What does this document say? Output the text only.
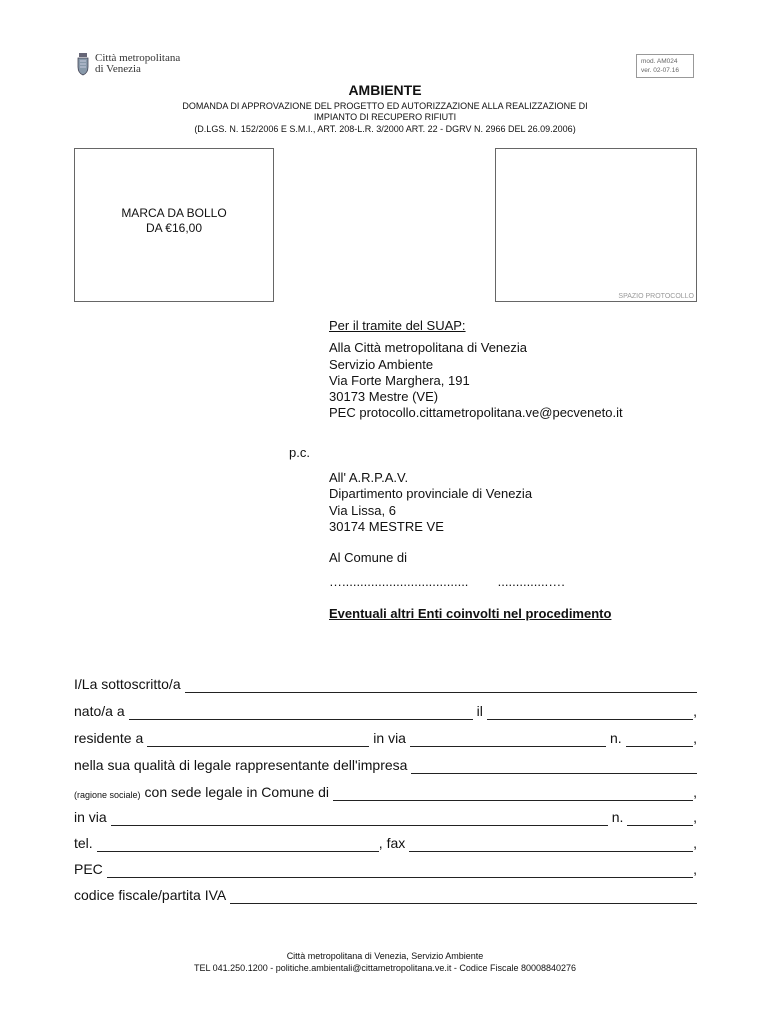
Città metropolitana
di Venezia
mod. AM024
ver. 02-07.16
AMBIENTE
DOMANDA DI APPROVAZIONE DEL PROGETTO ED AUTORIZZAZIONE ALLA REALIZZAZIONE DI
IMPIANTO DI RECUPERO RIFIUTI
(D.LGS. N. 152/2006 E S.M.I., ART. 208-L.R. 3/2000 ART. 22 - DGRV N. 2966 DEL 26.09.2006)
MARCA DA BOLLO
DA €16,00
SPAZIO PROTOCOLLO
Per il tramite del SUAP:
Alla Città metropolitana di Venezia
Servizio Ambiente
Via Forte Marghera, 191
30173 Mestre (VE)
PEC protocollo.cittametropolitana.ve@pecveneto.it
p.c.
All' A.R.P.A.V.
Dipartimento provinciale di Venezia
Via Lissa, 6
30174 MESTRE VE
Al Comune di
…................................... ..............….
Eventuali altri Enti coinvolti nel procedimento
I/La sottoscritto/a
nato/a a	il	,
residente a	in via	n.	,
nella sua qualità di legale rappresentante dell'impresa
(ragione sociale) con sede legale in Comune di	,
in via	n.	,
tel.	, fax	,
PEC	,
codice fiscale/partita IVA
Città metropolitana di Venezia, Servizio Ambiente
TEL 041.250.1200 - politiche.ambientali@cittametropolitana.ve.it - Codice Fiscale 80008840276
